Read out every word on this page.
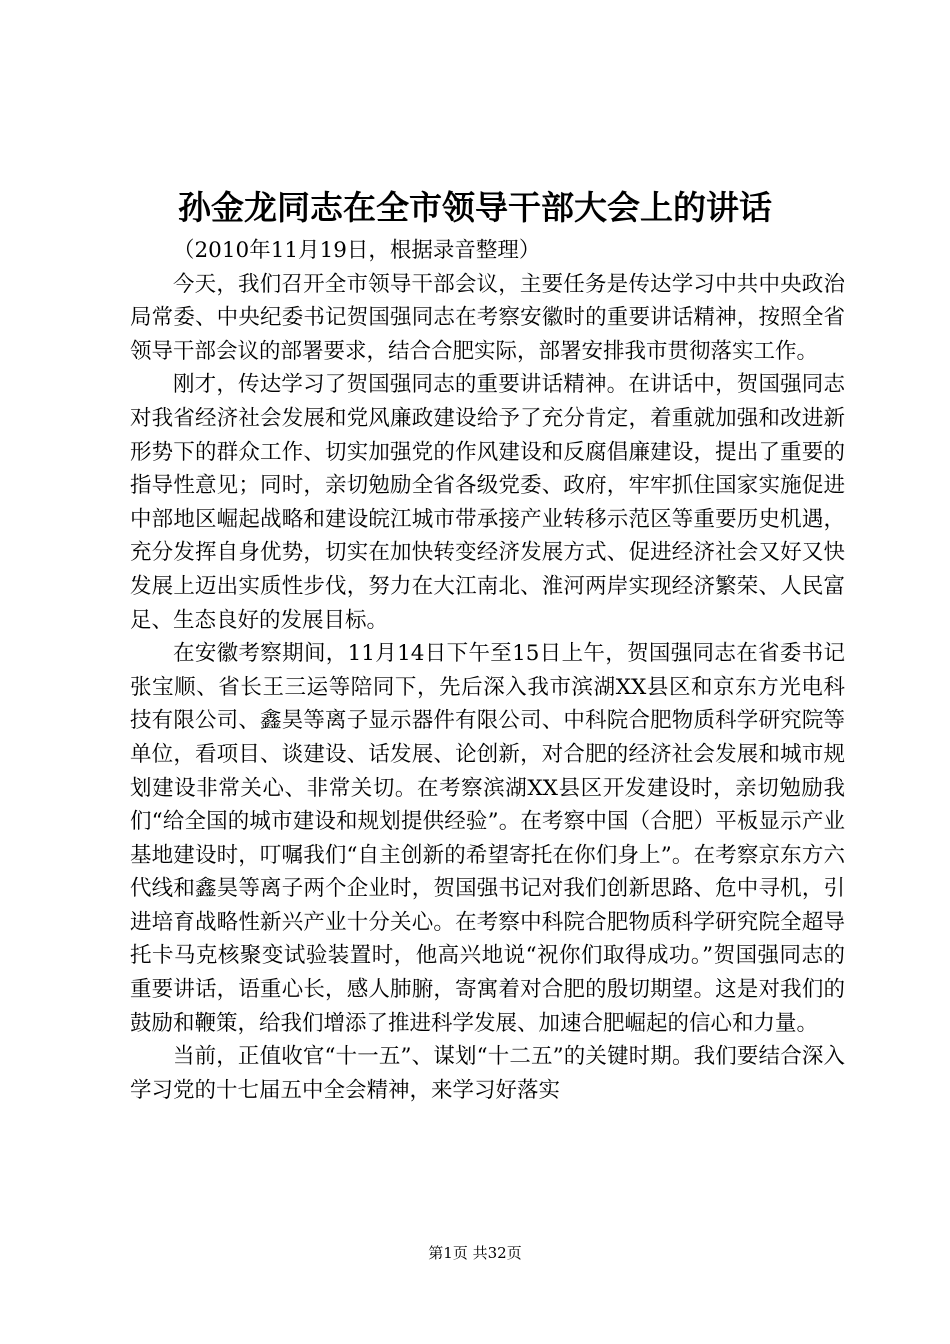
孙金龙同志在全市领导干部大会上的讲话

（2010年11月19日，根据录音整理）

今天，我们召开全市领导干部会议，主要任务是传达学习中共中央政治局常委、中央纪委书记贺国强同志在考察安徽时的重要讲话精神，按照全省领导干部会议的部署要求，结合合肥实际，部署安排我市贯彻落实工作。

刚才，传达学习了贺国强同志的重要讲话精神。在讲话中，贺国强同志对我省经济社会发展和党风廉政建设给予了充分肯定，着重就加强和改进新形势下的群众工作、切实加强党的作风建设和反腐倡廉建设，提出了重要的指导性意见；同时，亲切勉励全省各级党委、政府，牢牢抓住国家实施促进中部地区崛起战略和建设皖江城市带承接产业转移示范区等重要历史机遇，充分发挥自身优势，切实在加快转变经济发展方式、促进经济社会又好又快发展上迈出实质性步伐，努力在大江南北、淮河两岸实现经济繁荣、人民富足、生态良好的发展目标。

在安徽考察期间，11月14日下午至15日上午，贺国强同志在省委书记张宝顺、省长王三运等陪同下，先后深入我市滨湖XX县区和京东方光电科技有限公司、鑫昊等离子显示器件有限公司、中科院合肥物质科学研究院等单位，看项目、谈建设、话发展、论创新，对合肥的经济社会发展和城市规划建设非常关心、非常关切。在考察滨湖XX县区开发建设时，亲切勉励我们“给全国的城市建设和规划提供经验”。在考察中国（合肥）平板显示产业基地建设时，叮嘱我们“自主创新的希望寄托在你们身上”。在考察京东方六代线和鑫昊等离子两个企业时，贺国强书记对我们创新思路、危中寻机，引进培育战略性新兴产业十分关心。在考察中科院合肥物质科学研究院全超导托卡马克核聚变试验装置时，他高兴地说“祝你们取得成功。”贺国强同志的重要讲话，语重心长，感人肺腑，寄寓着对合肥的殷切期望。这是对我们的鼓励和鞭策，给我们增添了推进科学发展、加速合肥崛起的信心和力量。

当前，正值收官“十一五”、谋划“十二五”的关键时期。我们要结合深入学习党的十七届五中全会精神，来学习好落实

第1页 共32页
